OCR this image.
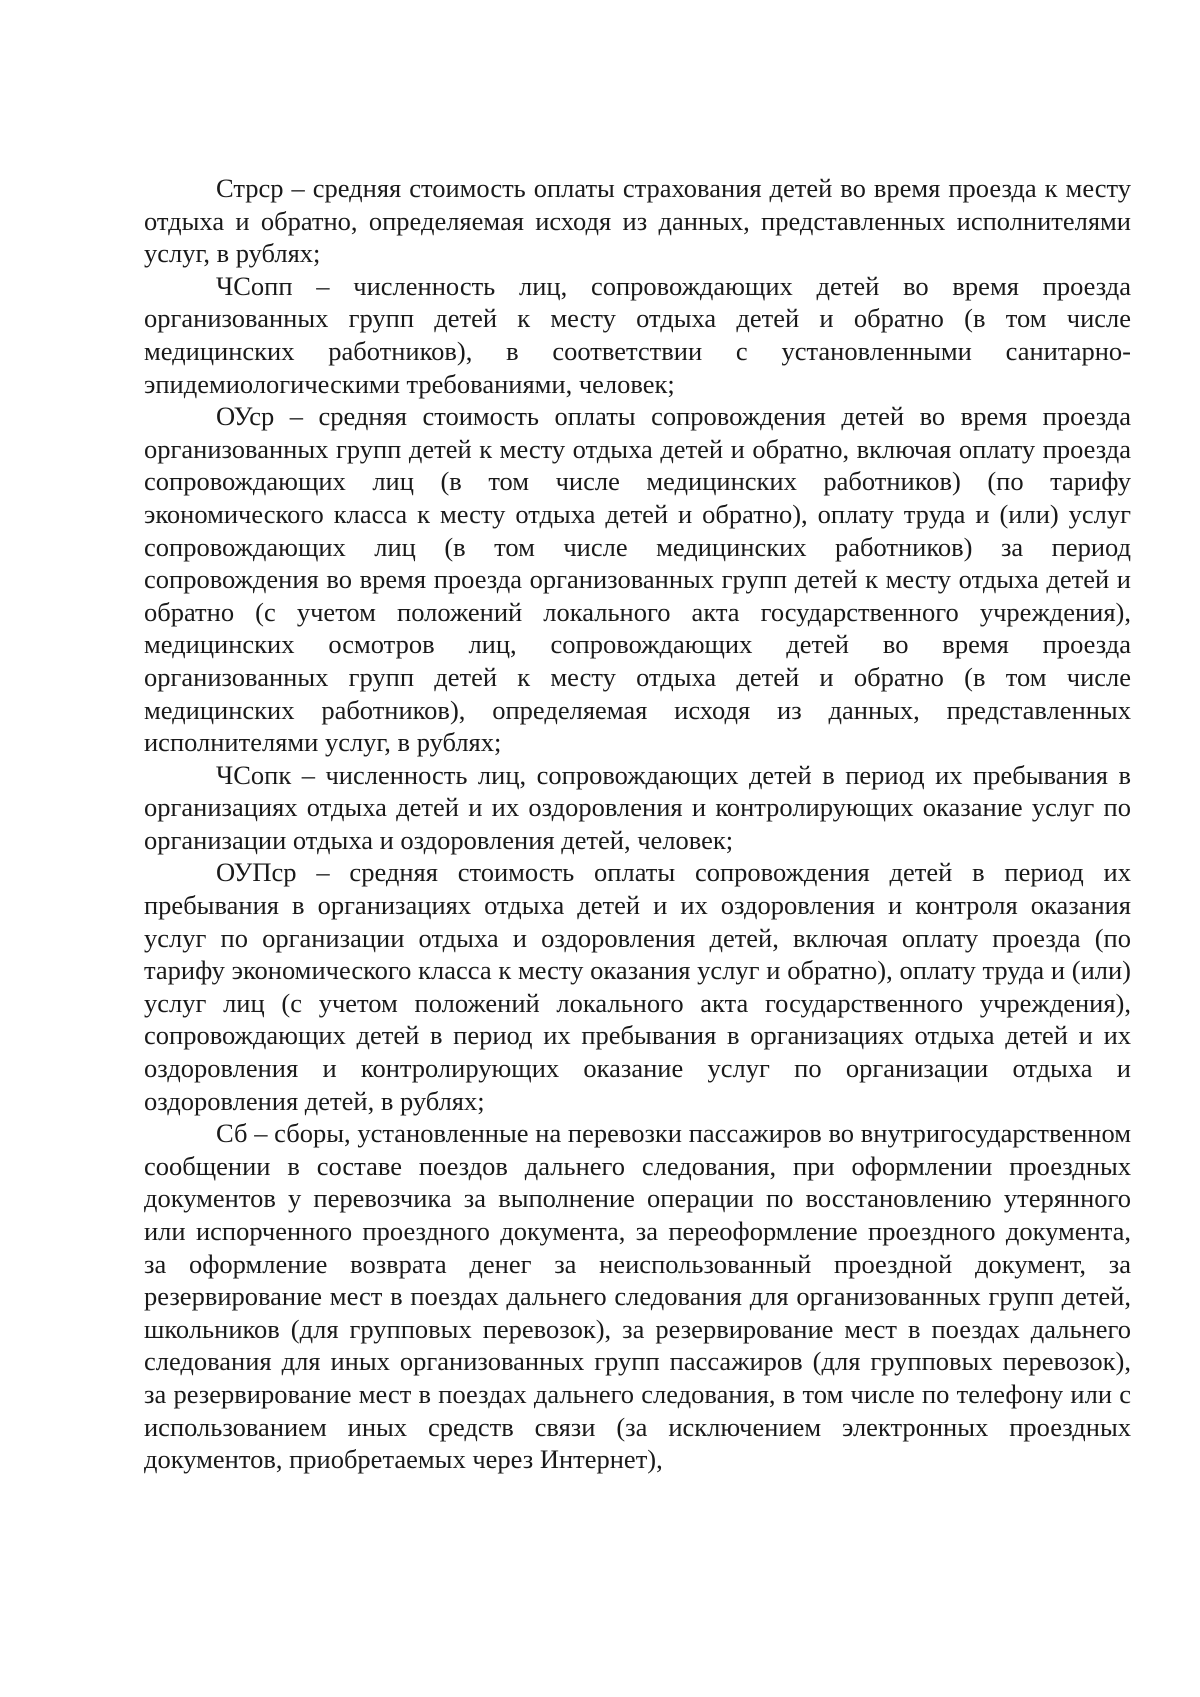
Стрср – средняя стоимость оплаты страхования детей во время проезда к месту отдыха и обратно, определяемая исходя из данных, представленных исполнителями услуг, в рублях;

ЧСопп – численность лиц, сопровождающих детей во время проезда организованных групп детей к месту отдыха детей и обратно (в том числе медицинских работников), в соответствии с установленными санитарно-эпидемиологическими требованиями, человек;

ОУср – средняя стоимость оплаты сопровождения детей во время проезда организованных групп детей к месту отдыха детей и обратно, включая оплату проезда сопровождающих лиц (в том числе медицинских работников) (по тарифу экономического класса к месту отдыха детей и обратно), оплату труда и (или) услуг сопровождающих лиц (в том числе медицинских работников) за период сопровождения во время проезда организованных групп детей к месту отдыха детей и обратно (с учетом положений локального акта государственного учреждения), медицинских осмотров лиц, сопровождающих детей во время проезда организованных групп детей к месту отдыха детей и обратно (в том числе медицинских работников), определяемая исходя из данных, представленных исполнителями услуг, в рублях;

ЧСопк – численность лиц, сопровождающих детей в период их пребывания в организациях отдыха детей и их оздоровления и контролирующих оказание услуг по организации отдыха и оздоровления детей, человек;

ОУПср – средняя стоимость оплаты сопровождения детей в период их пребывания в организациях отдыха детей и их оздоровления и контроля оказания услуг по организации отдыха и оздоровления детей, включая оплату проезда (по тарифу экономического класса к месту оказания услуг и обратно), оплату труда и (или) услуг лиц (с учетом положений локального акта государственного учреждения), сопровождающих детей в период их пребывания в организациях отдыха детей и их оздоровления и контролирующих оказание услуг по организации отдыха и оздоровления детей, в рублях;

Сб – сборы, установленные на перевозки пассажиров во внутригосударственном сообщении в составе поездов дальнего следования, при оформлении проездных документов у перевозчика за выполнение операции по восстановлению утерянного или испорченного проездного документа, за переоформление проездного документа, за оформление возврата денег за неиспользованный проездной документ, за резервирование мест в поездах дальнего следования для организованных групп детей, школьников (для групповых перевозок), за резервирование мест в поездах дальнего следования для иных организованных групп пассажиров (для групповых перевозок), за резервирование мест в поездах дальнего следования, в том числе по телефону или с использованием иных средств связи (за исключением электронных проездных документов, приобретаемых через Интернет),
